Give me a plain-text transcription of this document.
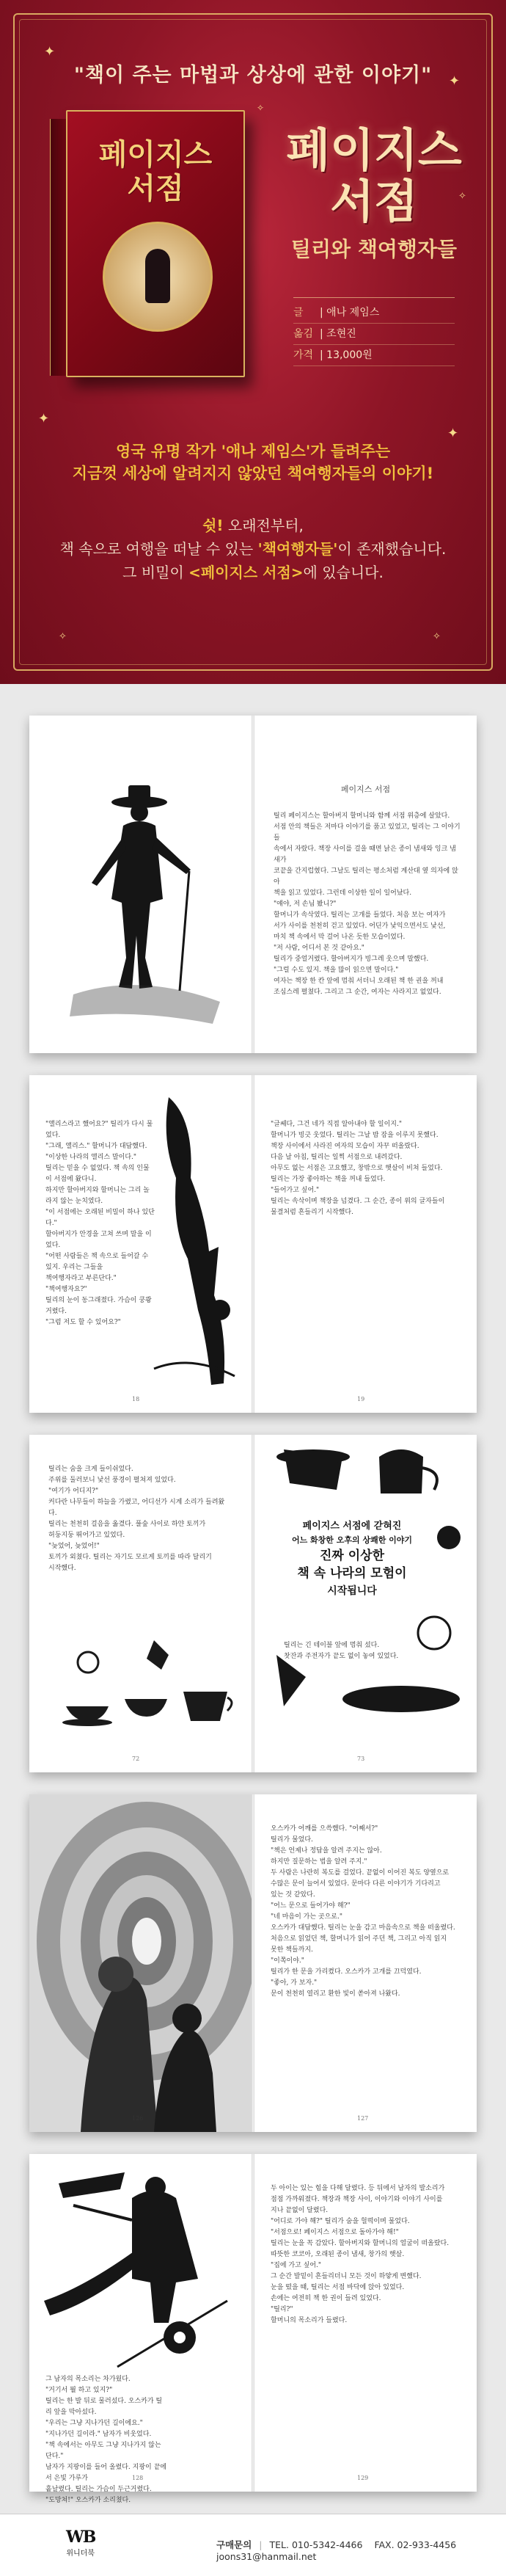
"책이 주는 마법과 상상에 관한 이야기"
페이지스
서점
페이지스
서점
틸리와 책여행자들
글 | 애나 제임스
옮김 | 조현진
가격 | 13,000원
영국 유명 작가 '애나 제임스'가 들려주는
지금껏 세상에 알려지지 않았던 책여행자들의 이야기!
쉿! 오래전부터,
책 속으로 여행을 떠날 수 있는 '책여행자들'이 존재했습니다.
그 비밀이 <페이지스 서점>에 있습니다.
✦
✦
✧
✧
✦
✦
✧	✧

페이지스 서점

틸리 페이지스는 할아버지 할머니와 함께 서점 위층에 살았다.

서점 안의 책들은 저마다 이야기를 품고 있었고, 틸리는 그 이야기들

속에서 자랐다. 책장 사이를 걸을 때면 낡은 종이 냄새와 잉크 냄새가

코끝을 간지럽혔다. 그날도 틸리는 평소처럼 계산대 옆 의자에 앉아

책을 읽고 있었다. 그런데 이상한 일이 일어났다.

"얘야, 저 손님 봤니?"

할머니가 속삭였다. 틸리는 고개를 들었다. 처음 보는 여자가

서가 사이를 천천히 걷고 있었다. 어딘가 낯익으면서도 낯선,

마치 책 속에서 막 걸어 나온 듯한 모습이었다.

"저 사람, 어디서 본 것 같아요."

틸리가 중얼거렸다. 할아버지가 빙그레 웃으며 말했다.

"그럴 수도 있지. 책을 많이 읽으면 말이다."

여자는 책장 한 칸 앞에 멈춰 서더니 오래된 책 한 권을 꺼내

조심스레 펼쳤다. 그리고 그 순간, 여자는 사라지고 없었다.

"앨리스라고 했어요?" 틸리가 다시 물었다.

"그래, 앨리스." 할머니가 대답했다. "이상한 나라의 앨리스 말이다."

틸리는 믿을 수 없었다. 책 속의 인물이 서점에 왔다니.

하지만 할아버지와 할머니는 그리 놀라지 않는 눈치였다.

"이 서점에는 오래된 비밀이 하나 있단다."

할아버지가 안경을 고쳐 쓰며 말을 이었다.

"어떤 사람들은 책 속으로 들어갈 수 있지. 우리는 그들을

책여행자라고 부른단다."

"책여행자요?"

틸리의 눈이 동그래졌다. 가슴이 쿵쾅거렸다.

"그럼 저도 할 수 있어요?"

18

"글쎄다, 그건 네가 직접 알아내야 할 일이지."

할머니가 빙긋 웃었다. 틸리는 그날 밤 잠을 이루지 못했다.

책장 사이에서 사라진 여자의 모습이 자꾸 떠올랐다.

다음 날 아침, 틸리는 일찍 서점으로 내려갔다.

아무도 없는 서점은 고요했고, 창밖으로 햇살이 비쳐 들었다.

틸리는 가장 좋아하는 책을 꺼내 들었다.

"들어가고 싶어."

틸리는 속삭이며 책장을 넘겼다. 그 순간, 종이 위의 글자들이

물결처럼 흔들리기 시작했다.

19

틸리는 숨을 크게 들이쉬었다.

주위를 둘러보니 낯선 풍경이 펼쳐져 있었다.

"여기가 어디지?"

커다란 나무들이 하늘을 가렸고, 어디선가 시계 소리가 들려왔다.

틸리는 천천히 걸음을 옮겼다. 풀숲 사이로 하얀 토끼가

허둥지둥 뛰어가고 있었다.

"늦었어, 늦었어!"

토끼가 외쳤다. 틸리는 자기도 모르게 토끼를 따라 달리기

시작했다.

72
페이지스 서점에 갇혀진
어느 화창한 오후의 상쾌한 이야기
진짜 이상한
책 속 나라의 모험이
시작됩니다

틸리는 긴 테이블 앞에 멈춰 섰다.

찻잔과 주전자가 끝도 없이 놓여 있었다.

73
126

오스카가 어깨를 으쓱했다. "어째서?"

틸리가 물었다.

"책은 언제나 정답을 알려 주지는 않아.

하지만 질문하는 법을 알려 주지."

두 사람은 나란히 복도를 걸었다. 끝없이 이어진 복도 양옆으로

수많은 문이 늘어서 있었다. 문마다 다른 이야기가 기다리고

있는 것 같았다.

"어느 문으로 들어가야 해?"

"네 마음이 가는 곳으로."

오스카가 대답했다. 틸리는 눈을 감고 마음속으로 책을 떠올렸다.

처음으로 읽었던 책, 할머니가 읽어 주던 책, 그리고 아직 읽지

못한 책들까지.

"이쪽이야."

틸리가 한 문을 가리켰다. 오스카가 고개를 끄덕였다.

"좋아, 가 보자."

문이 천천히 열리고 환한 빛이 쏟아져 나왔다.

127

그 남자의 목소리는 차가웠다.

"거기서 뭘 하고 있지?"

틸리는 한 발 뒤로 물러섰다. 오스카가 틸리 앞을 막아섰다.

"우리는 그냥 지나가던 길이에요."

"지나가던 길이라." 남자가 비웃었다.

"책 속에서는 아무도 그냥 지나가지 않는단다."

남자가 지팡이를 들어 올렸다. 지팡이 끝에서 은빛 가루가

흩날렸다. 틸리는 가슴이 두근거렸다.

"도망쳐!" 오스카가 소리쳤다.

128

두 아이는 있는 힘을 다해 달렸다. 등 뒤에서 남자의 발소리가

점점 가까워졌다. 책장과 책장 사이, 이야기와 이야기 사이를

지나 끝없이 달렸다.

"어디로 가야 해?" 틸리가 숨을 헐떡이며 물었다.

"서점으로! 페이지스 서점으로 돌아가야 해!"

틸리는 눈을 꼭 감았다. 할아버지와 할머니의 얼굴이 떠올랐다.

따뜻한 코코아, 오래된 종이 냄새, 창가의 햇살.

"집에 가고 싶어."

그 순간 발밑이 흔들리더니 모든 것이 하얗게 변했다.

눈을 떴을 때, 틸리는 서점 바닥에 앉아 있었다.

손에는 여전히 책 한 권이 들려 있었다.

"틸리?"

할머니의 목소리가 들렸다.

129
WB
위니더북
구매문의 | TEL. 010-5342-4466 FAX. 02-933-4456 joons31@hanmail.net
